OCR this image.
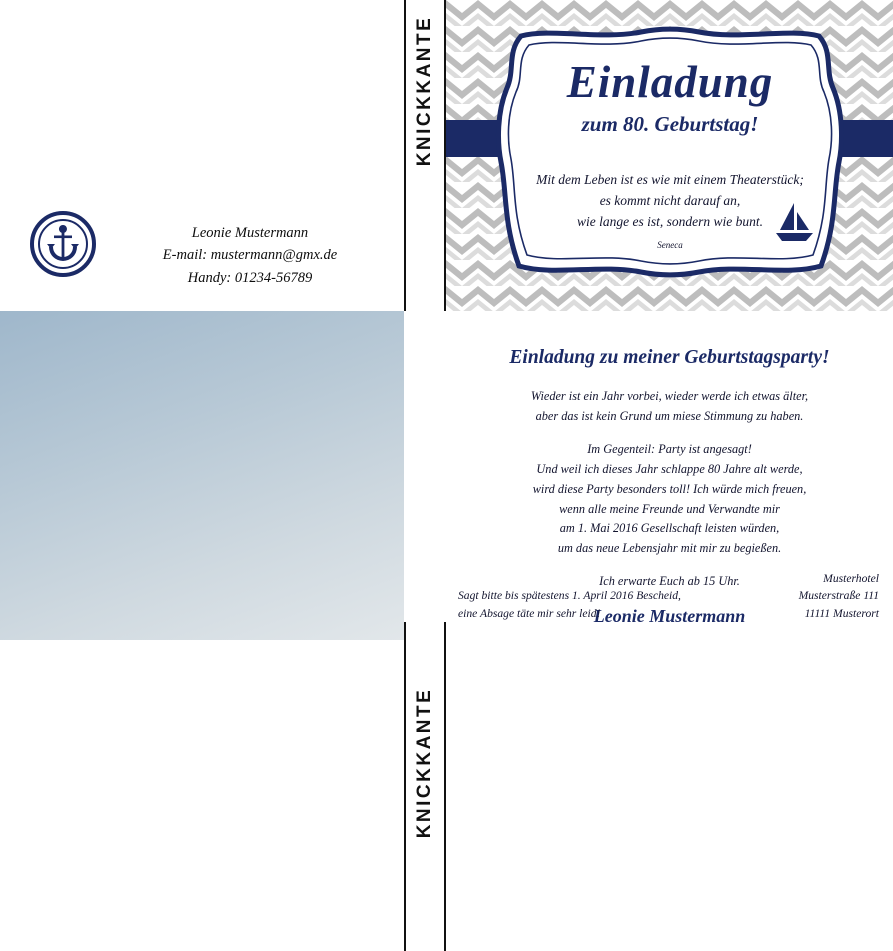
Leonie Mustermann
E-mail: mustermann@gmx.de
Handy: 01234-56789
KNICKKANTE	Einladung
zum 80. Geburtstag!
Mit dem Leben ist es wie mit einem Theaterstück;
es kommt nicht darauf an,
wie lange es ist, sondern wie bunt.
Seneca
KNICKKANTE
Einladung zu meiner Geburtstagsparty!

Wieder ist ein Jahr vorbei, wieder werde ich etwas älter,
aber das ist kein Grund um miese Stimmung zu haben.

Im Gegenteil: Party ist angesagt!
Und weil ich dieses Jahr schlappe 80 Jahre alt werde,
wird diese Party besonders toll! Ich würde mich freuen,
wenn alle meine Freunde und Verwandte mir
am 1. Mai 2016 Gesellschaft leisten würden,
um das neue Lebensjahr mit mir zu begießen.

Ich erwarte Euch ab 15 Uhr.

Leonie Mustermann
Sagt bitte bis spätestens 1. April 2016 Bescheid,
eine Absage täte mir sehr leid!
Musterhotel
Musterstraße 111
11111 Musterort
